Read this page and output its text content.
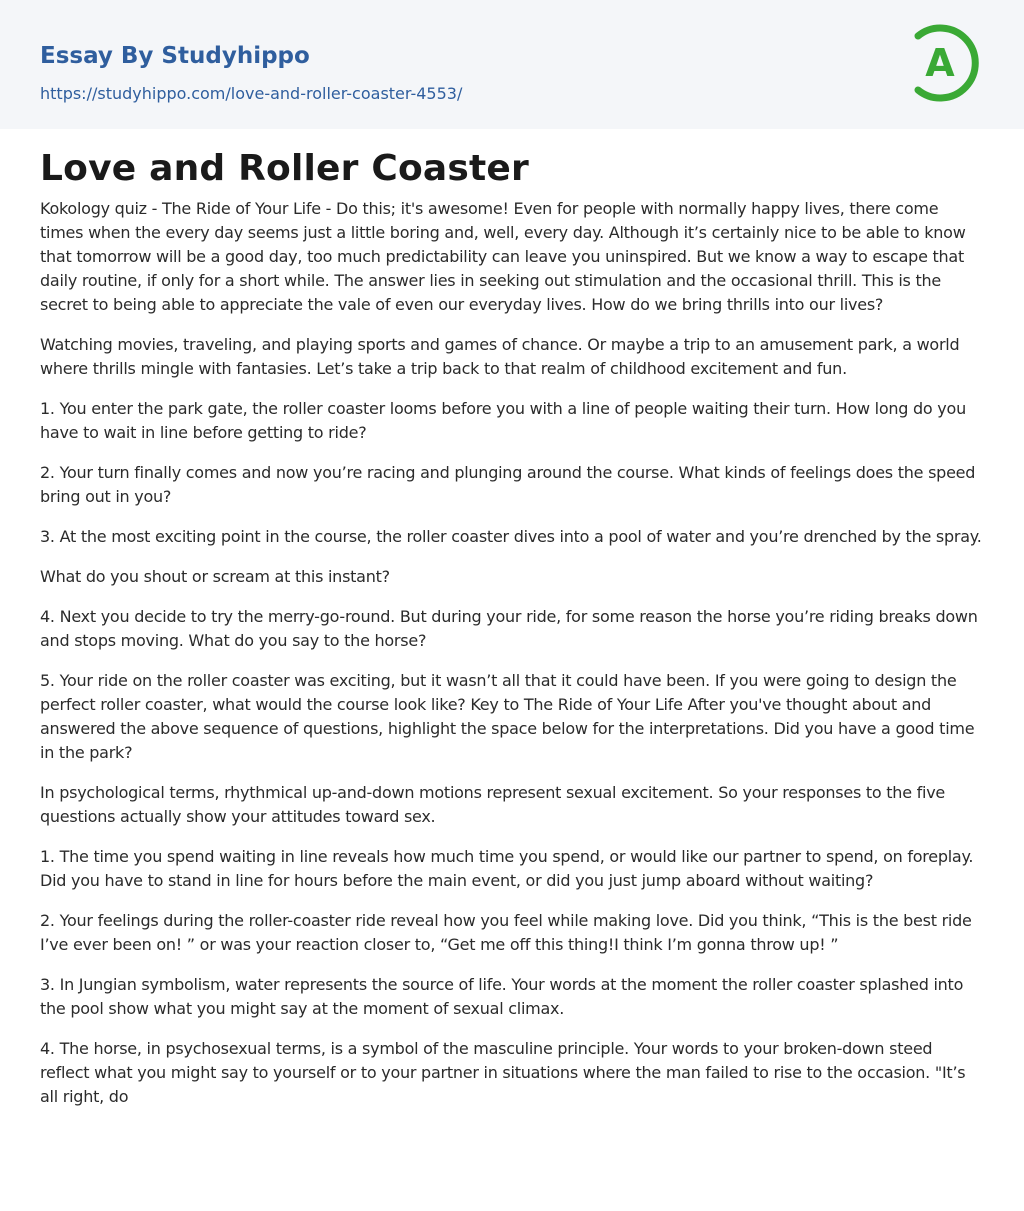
Essay By Studyhippo
https://studyhippo.com/love-and-roller-coaster-4553/
A
Love and Roller Coaster

Kokology quiz - The Ride of Your Life - Do this; it's awesome! Even for people with normally happy lives, there come times when the every day seems just a little boring and, well, every day. Although it’s certainly nice to be able to know that tomorrow will be a good day, too much predictability can leave you uninspired. But we know a way to escape that daily routine, if only for a short while. The answer lies in seeking out stimulation and the occasional thrill. This is the secret to being able to appreciate the vale of even our everyday lives. How do we bring thrills into our lives?

Watching movies, traveling, and playing sports and games of chance. Or maybe a trip to an amusement park, a world where thrills mingle with fantasies. Let’s take a trip back to that realm of childhood excitement and fun.

1. You enter the park gate, the roller coaster looms before you with a line of people waiting their turn. How long do you have to wait in line before getting to ride?

2. Your turn finally comes and now you’re racing and plunging around the course. What kinds of feelings does the speed bring out in you?

3. At the most exciting point in the course, the roller coaster dives into a pool of water and you’re drenched by the spray.

What do you shout or scream at this instant?

4. Next you decide to try the merry-go-round. But during your ride, for some reason the horse you’re riding breaks down and stops moving. What do you say to the horse?

5. Your ride on the roller coaster was exciting, but it wasn’t all that it could have been. If you were going to design the perfect roller coaster, what would the course look like? Key to The Ride of Your Life After you've thought about and answered the above sequence of questions, highlight the space below for the interpretations. Did you have a good time in the park?

In psychological terms, rhythmical up-and-down motions represent sexual excitement. So your responses to the five questions actually show your attitudes toward sex.

1. The time you spend waiting in line reveals how much time you spend, or would like our partner to spend, on foreplay. Did you have to stand in line for hours before the main event, or did you just jump aboard without waiting?

2. Your feelings during the roller-coaster ride reveal how you feel while making love. Did you think, “This is the best ride I’ve ever been on! ” or was your reaction closer to, “Get me off this thing!I think I’m gonna throw up! ”

3. In Jungian symbolism, water represents the source of life. Your words at the moment the roller coaster splashed into the pool show what you might say at the moment of sexual climax.

4. The horse, in psychosexual terms, is a symbol of the masculine principle. Your words to your broken-down steed reflect what you might say to yourself or to your partner in situations where the man failed to rise to the occasion. "It’s all right, do
